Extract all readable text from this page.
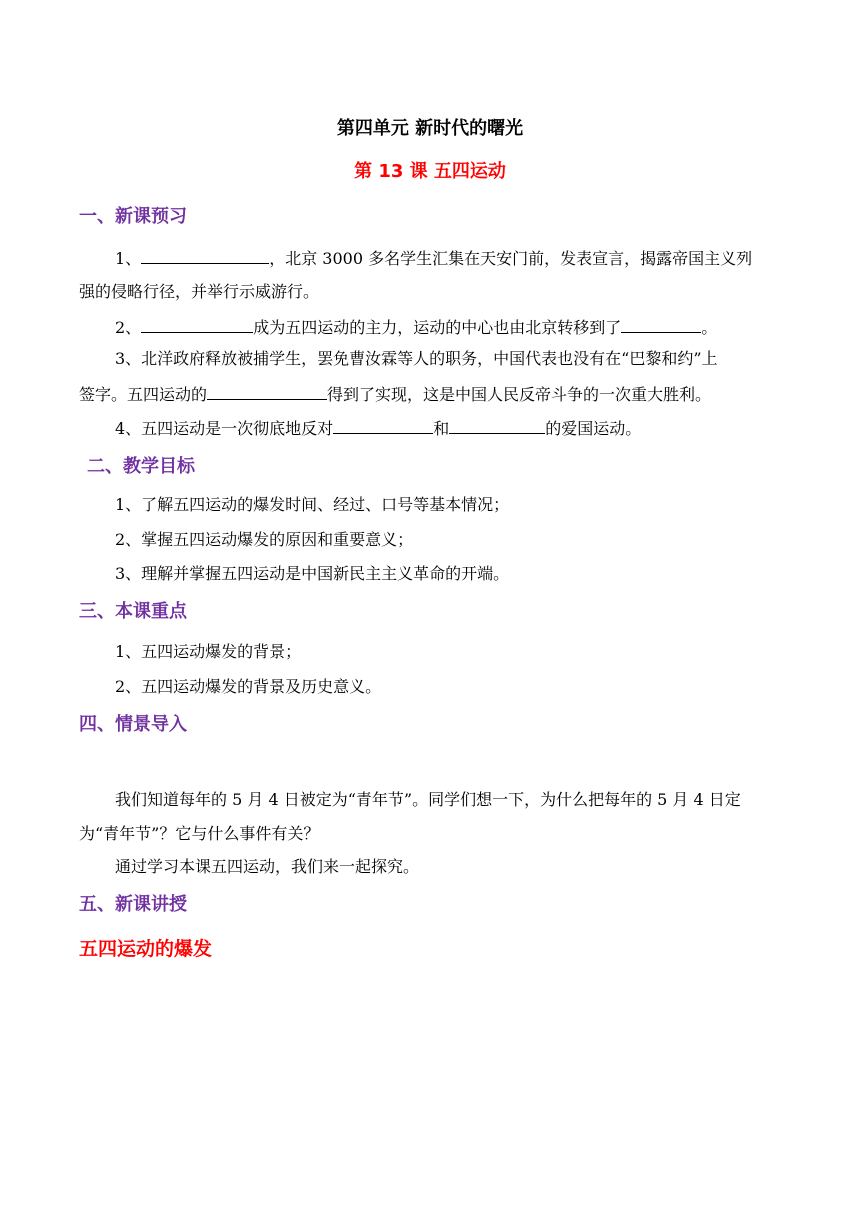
第四单元 新时代的曙光
第 13 课 五四运动
一、新课预习
1、	，北京 3000 多名学生汇集在天安门前，发表宣言，揭露帝国主义列
强的侵略行径，并举行示威游行。
2、	成为五四运动的主力，运动的中心也由北京转移到了	。
3、北洋政府释放被捕学生，罢免曹汝霖等人的职务，中国代表也没有在“巴黎和约”上
签字。五四运动的	得到了实现，这是中国人民反帝斗争的一次重大胜利。
4、五四运动是一次彻底地反对	和	的爱国运动。
二、教学目标
1、了解五四运动的爆发时间、经过、口号等基本情况；
2、掌握五四运动爆发的原因和重要意义；
3、理解并掌握五四运动是中国新民主主义革命的开端。
三、本课重点
1、五四运动爆发的背景；
2、五四运动爆发的背景及历史意义。
四、情景导入
我们知道每年的 5 月 4 日被定为“青年节”。同学们想一下，为什么把每年的 5 月 4 日定
为“青年节”？它与什么事件有关？
通过学习本课五四运动，我们来一起探究。
五、新课讲授
五四运动的爆发
